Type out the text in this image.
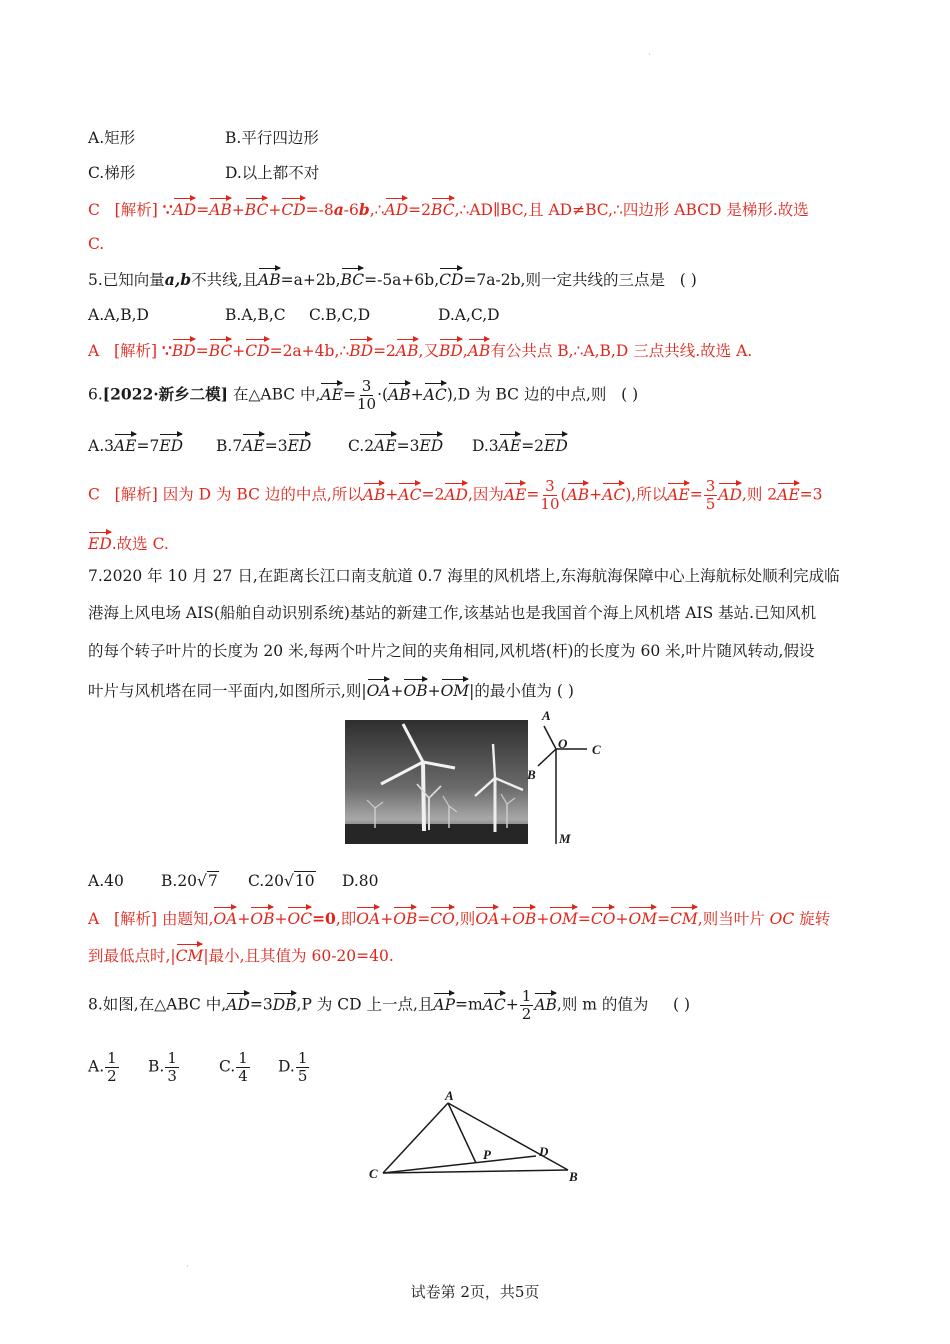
·
·
A.矩形	B.平行四边形
C.梯形	D.以上都不对
C [解析] ∵AD=AB+BC+CD=-8a-6b,∴AD=2BC,∴AD∥BC,且 AD≠BC,∴四边形 ABCD 是梯形.故选
C.
5.已知向量a,b不共线,且AB=a+2b,BC=-5a+6b,CD=7a-2b,则一定共线的三点是 ( )
A.A,B,D	B.A,B,C C.B,C,D	D.A,C,D
A [解析] ∵BD=BC+CD=2a+4b,∴BD=2AB,又BD,AB有公共点 B,∴A,B,D 三点共线.故选 A.
6.[2022·新乡二模] 在△ABC 中$,AE= \frac{3}{10} \cdot(AB+AC),D$ 为 BC 边的中点,则 ( )
A.3AE=7ED B.7AE=3ED C.2AE=3ED D.3AE=2ED
C [解析] 因为 D 为 BC 边的中点,所以AB+AC=2AD,因为$AE= \frac{3}{10} (AB+AC)$,所以$AE= \frac{3}{5}$ AD,则 2AE=3
ED.故选 C.
7.2020 年 10 月 27 日,在距离长江口南支航道 0.7 海里的风机塔上,东海航海保障中心上海航标处顺利完成临
港海上风电场 AIS(船舶自动识别系统)基站的新建工作,该基站也是我国首个海上风机塔 AIS 基站.已知风机
的每个转子叶片的长度为 20 米,每两个叶片之间的夹角相同,风机塔(杆)的长度为 60 米,叶片随风转动,假设
叶片与风机塔在同一平面内,如图所示,则|OA+OB+OM|的最小值为 ( )
A
O C
B
M
A.40 B.20√7 C.20√10 D.80
A [解析] 由题知,OA+OB+OC=0,即OA+OB=CO,则OA+OB+OM=CO+OM=CM,则当叶片 OC 旋转
到最低点时,|CM|最小,且其值为 60-20=40.
8.如图,在△ABC 中,AD=3DB,P 为 CD 上一点,且$AP=mAC+ \frac{1}{2}$ AB,则 m 的值为 ( )
A. $\frac{1}{2} B$. $\frac{1}{3}$	C. $\frac{1}{4} D$. $\frac{1}{5}$
A
P	D
C	B
试卷第 2页，共5页
